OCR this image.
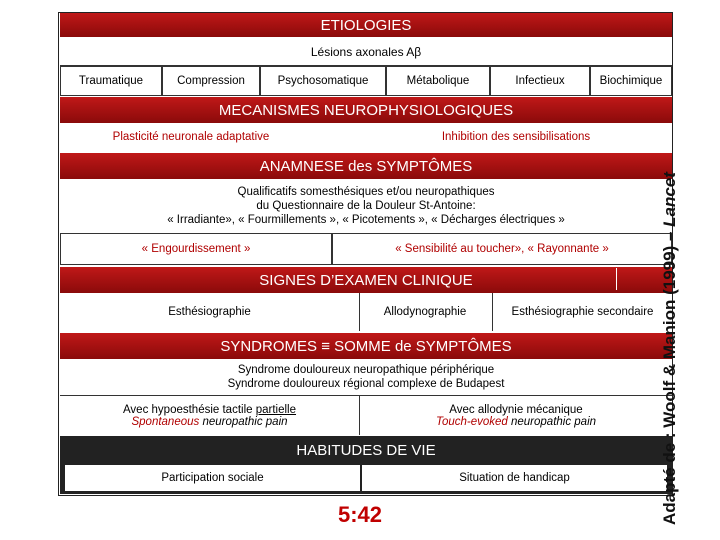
ETIOLOGIES
Lésions axonales Aβ
Traumatique	Compression	Psychosomatique	Métabolique	Infectieux	Biochimique
MECANISMES NEUROPHYSIOLOGIQUES
Plasticité neuronale adaptative	Inhibition des sensibilisations
ANAMNESE des SYMPTÔMES
Qualificatifs somesthésiques et/ou neuropathiques
du Questionnaire de la Douleur St-Antoine:
« Irradiante», « Fourmillements », « Picotements », « Décharges électriques »
« Engourdissement »	« Sensibilité au toucher», « Rayonnante »
SIGNES D’EXAMEN CLINIQUE
Esthésiographie	Allodynographie	Esthésiographie secondaire
SYNDROMES ≡ SOMME de SYMPTÔMES
Syndrome douloureux neuropathique périphérique
Syndrome douloureux régional complexe de Budapest
Avec hypoesthésie tactile partielle
Spontaneous neuropathic pain
Avec allodynie mécanique
Touch-evoked neuropathic pain
HABITUDES DE VIE
Participation sociale	Situation de handicap
5:42	Adapté de : Woolf & Manion (1999) – Lancet
